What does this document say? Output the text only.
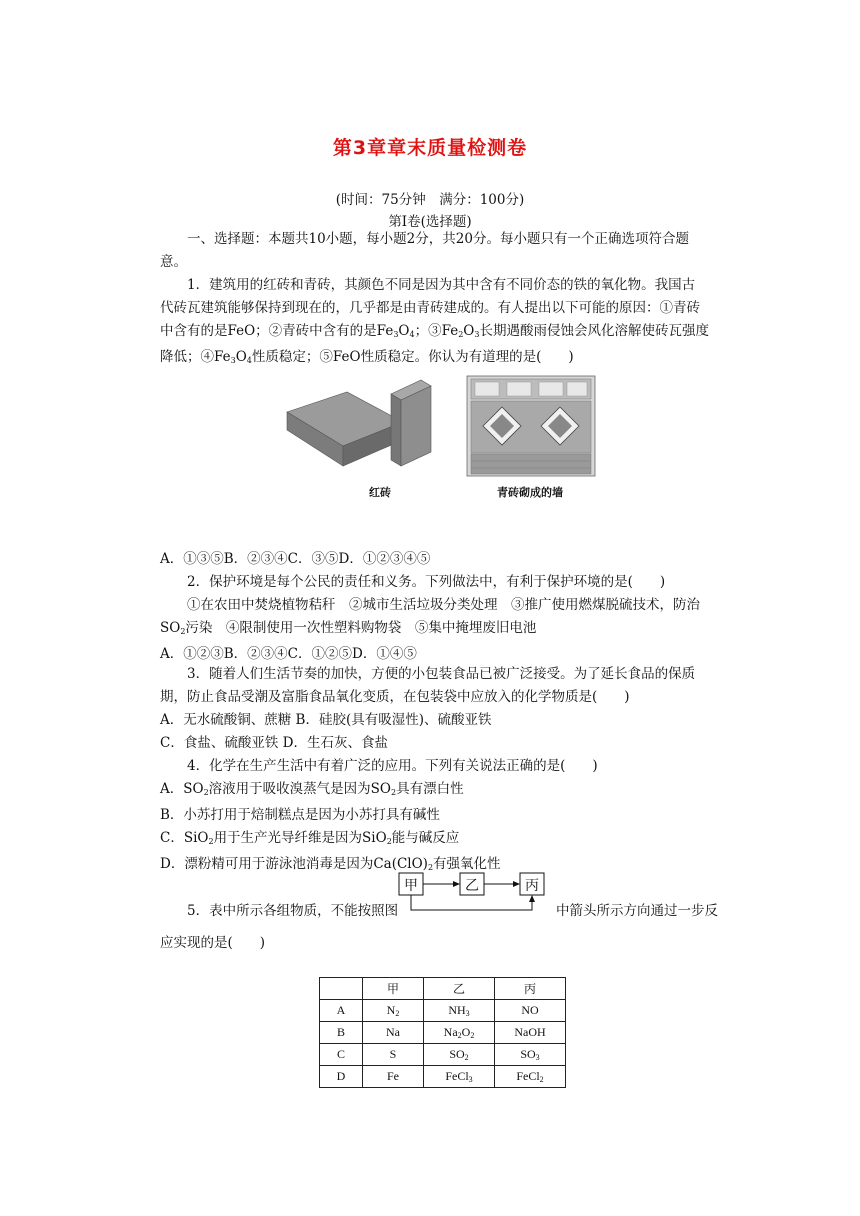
第3章章末质量检测卷
(时间：75分钟　满分：100分)
第Ⅰ卷(选择题)
一、选择题：本题共10小题，每小题2分，共20分。每小题只有一个正确选项符合题
意。
1．建筑用的红砖和青砖，其颜色不同是因为其中含有不同价态的铁的氧化物。我国古
代砖瓦建筑能够保持到现在的，几乎都是由青砖建成的。有人提出以下可能的原因：①青砖
中含有的是FeO；②青砖中含有的是$Fe_3O_4$；$③Fe_2O_3$长期遇酸雨侵蚀会风化溶解使砖瓦强度
降低；$④Fe_3O_4$性质稳定；⑤FeO性质稳定。你认为有道理的是(　　)
红砖	青砖砌成的墙
A．①③⑤B．②③④C．③⑤D．①②③④⑤
2．保护环境是每个公民的责任和义务。下列做法中，有利于保护环境的是(　　)
①在农田中焚烧植物秸秆　②城市生活垃圾分类处理　③推广使用燃煤脱硫技术，防治
$SO_2$污染　④限制使用一次性塑料购物袋　⑤集中掩埋废旧电池
A．①②③B．②③④C．①②⑤D．①④⑤
3．随着人们生活节奏的加快，方便的小包装食品已被广泛接受。为了延长食品的保质
期，防止食品受潮及富脂食品氧化变质，在包装袋中应放入的化学物质是(　　)
A．无水硫酸铜、蔗糖 B．硅胶(具有吸湿性)、硫酸亚铁
C．食盐、硫酸亚铁 D．生石灰、食盐
4．化学在生产生活中有着广泛的应用。下列有关说法正确的是(　　)
A．$SO_2$溶液用于吸收溴蒸气是因为$SO_2$具有漂白性
B．小苏打用于焙制糕点是因为小苏打具有碱性
C．SiO$_2$用于生产光导纤维是因为SiO$_2$能与碱反应
D．漂粉精可用于游泳池消毒是因为$Ca(ClO)_2$有强氧化性
甲	乙	丙
5．表中所示各组物质，不能按照图	中箭头所示方向通过一步反
应实现的是(　　)
	甲	乙	丙
A	$N_2$	$NH_3$	NO
B	Na	$Na_2O_2$	NaOH
C	S	$SO_2$	$SO_3$
D	Fe	FeCl$_3$	FeCl$_2$
